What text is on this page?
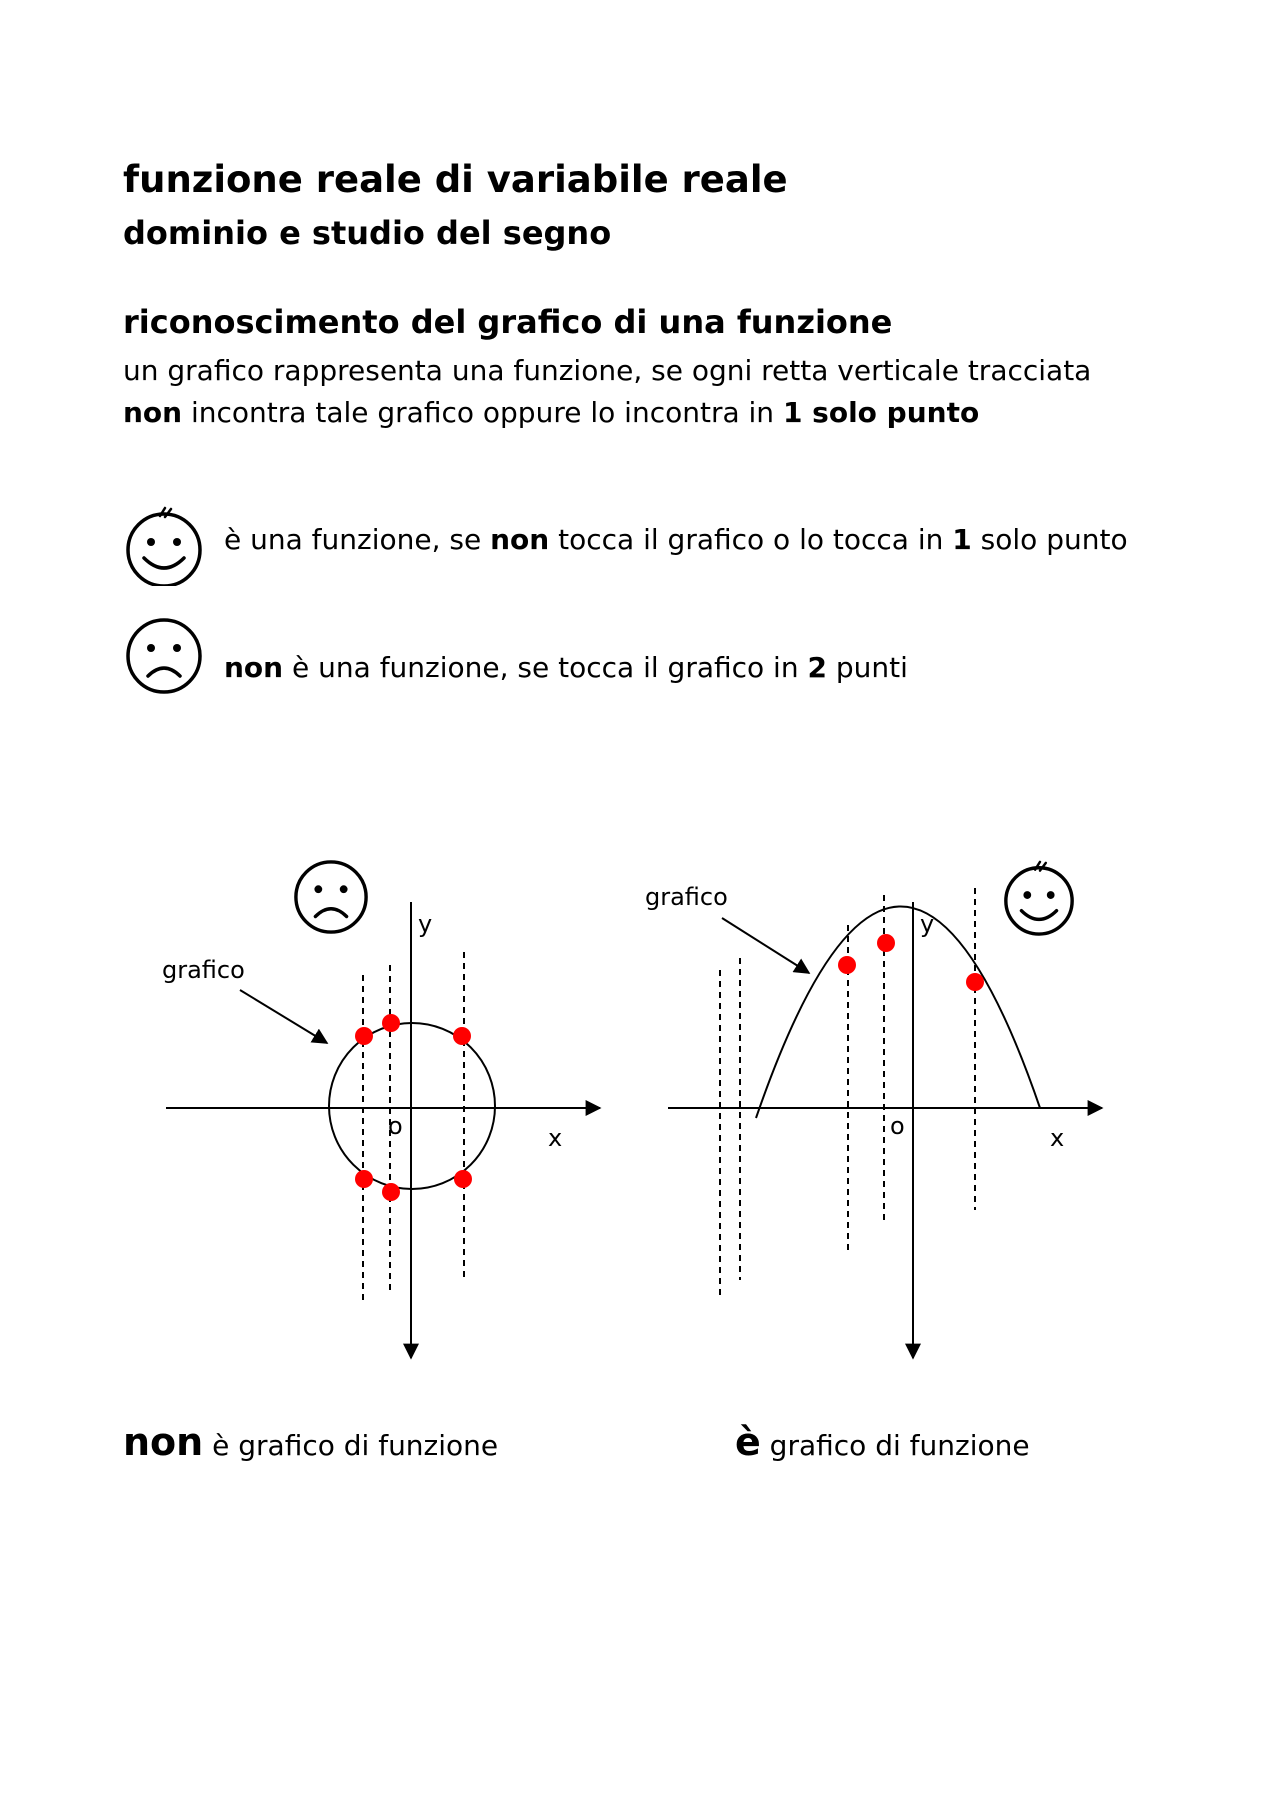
funzione reale di variabile reale
dominio e studio del segno
riconoscimento del grafico di una funzione
un grafico rappresenta una funzione, se ogni retta verticale tracciata
non incontra tale grafico oppure lo incontra in 1 solo punto
è una funzione, se non tocca il grafico o lo tocca in 1 solo punto
non è una funzione, se tocca il grafico in 2 punti
grafico
y
o	x
grafico
y
o	x
non è grafico di funzione	è grafico di funzione
